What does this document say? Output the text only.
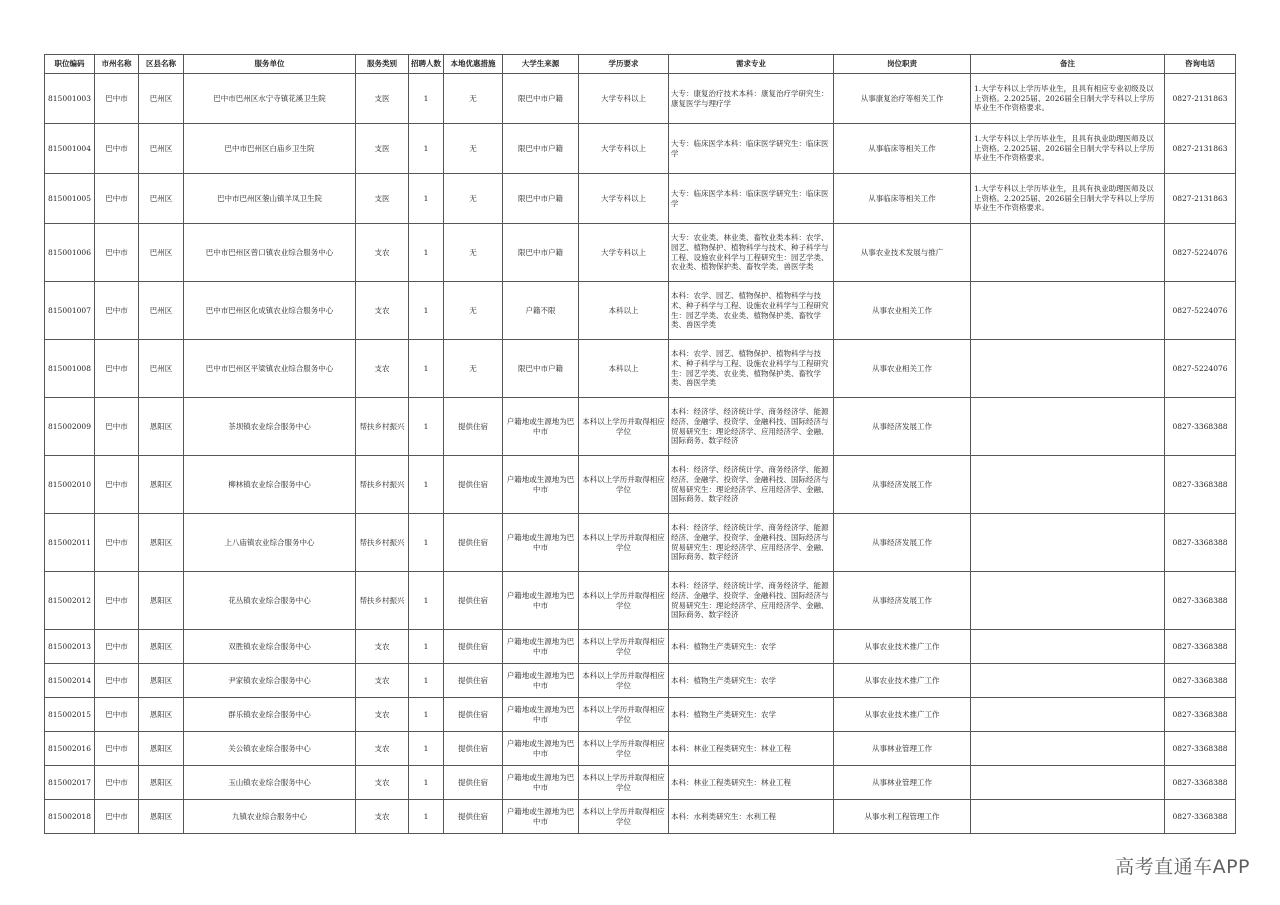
职位编码	市州名称	区县名称	服务单位	服务类别	招聘人数	本地优惠措施	大学生来源	学历要求	需求专业	岗位职责	备注	咨询电话
815001003	巴中市	巴州区	巴中市巴州区水宁寺镇花溪卫生院	支医	1	无	限巴中市户籍	大学专科以上	大专：康复治疗技术本科：康复治疗学研究生：康复医学与理疗学	从事康复治疗等相关工作	1.大学专科以上学历毕业生，且具有相应专业初级及以上资格。2.2025届、2026届全日制大学专科以上学历毕业生不作资格要求。	0827-2131863
815001004	巴中市	巴州区	巴中市巴州区白庙乡卫生院	支医	1	无	限巴中市户籍	大学专科以上	大专：临床医学本科：临床医学研究生：临床医学	从事临床等相关工作	1.大学专科以上学历毕业生，且具有执业助理医师及以上资格。2.2025届、2026届全日制大学专科以上学历毕业生不作资格要求。	0827-2131863
815001005	巴中市	巴州区	巴中市巴州区蓥山镇羊凤卫生院	支医	1	无	限巴中市户籍	大学专科以上	大专：临床医学本科：临床医学研究生：临床医学	从事临床等相关工作	1.大学专科以上学历毕业生，且具有执业助理医师及以上资格。2.2025届、2026届全日制大学专科以上学历毕业生不作资格要求。	0827-2131863
815001006	巴中市	巴州区	巴中市巴州区曾口镇农业综合服务中心	支农	1	无	限巴中市户籍	大学专科以上	大专：农业类、林业类、畜牧业类本科：农学、园艺、植物保护、植物科学与技术、种子科学与工程、设施农业科学与工程研究生：园艺学类、农业类、植物保护类、畜牧学类、兽医学类	从事农业技术发展与推广		0827-5224076
815001007	巴中市	巴州区	巴中市巴州区化成镇农业综合服务中心	支农	1	无	户籍不限	本科以上	本科：农学、园艺、植物保护、植物科学与技术、种子科学与工程、设施农业科学与工程研究生：园艺学类、农业类、植物保护类、畜牧学类、兽医学类	从事农业相关工作		0827-5224076
815001008	巴中市	巴州区	巴中市巴州区平梁镇农业综合服务中心	支农	1	无	限巴中市户籍	本科以上	本科：农学、园艺、植物保护、植物科学与技术、种子科学与工程、设施农业科学与工程研究生：园艺学类、农业类、植物保护类、畜牧学类、兽医学类	从事农业相关工作		0827-5224076
815002009	巴中市	恩阳区	茶坝镇农业综合服务中心	帮扶乡村振兴	1	提供住宿	户籍地或生源地为巴中市	本科以上学历并取得相应学位	本科：经济学、经济统计学、商务经济学、能源经济、金融学、投资学、金融科技、国际经济与贸易研究生：理论经济学、应用经济学、金融、国际商务、数字经济	从事经济发展工作		0827-3368388
815002010	巴中市	恩阳区	柳林镇农业综合服务中心	帮扶乡村振兴	1	提供住宿	户籍地或生源地为巴中市	本科以上学历并取得相应学位	本科：经济学、经济统计学、商务经济学、能源经济、金融学、投资学、金融科技、国际经济与贸易研究生：理论经济学、应用经济学、金融、国际商务、数字经济	从事经济发展工作		0827-3368388
815002011	巴中市	恩阳区	上八庙镇农业综合服务中心	帮扶乡村振兴	1	提供住宿	户籍地或生源地为巴中市	本科以上学历并取得相应学位	本科：经济学、经济统计学、商务经济学、能源经济、金融学、投资学、金融科技、国际经济与贸易研究生：理论经济学、应用经济学、金融、国际商务、数字经济	从事经济发展工作		0827-3368388
815002012	巴中市	恩阳区	花丛镇农业综合服务中心	帮扶乡村振兴	1	提供住宿	户籍地或生源地为巴中市	本科以上学历并取得相应学位	本科：经济学、经济统计学、商务经济学、能源经济、金融学、投资学、金融科技、国际经济与贸易研究生：理论经济学、应用经济学、金融、国际商务、数字经济	从事经济发展工作		0827-3368388
815002013	巴中市	恩阳区	双胜镇农业综合服务中心	支农	1	提供住宿	户籍地或生源地为巴中市	本科以上学历并取得相应学位	本科：植物生产类研究生：农学	从事农业技术推广工作		0827-3368388
815002014	巴中市	恩阳区	尹家镇农业综合服务中心	支农	1	提供住宿	户籍地或生源地为巴中市	本科以上学历并取得相应学位	本科：植物生产类研究生：农学	从事农业技术推广工作		0827-3368388
815002015	巴中市	恩阳区	群乐镇农业综合服务中心	支农	1	提供住宿	户籍地或生源地为巴中市	本科以上学历并取得相应学位	本科：植物生产类研究生：农学	从事农业技术推广工作		0827-3368388
815002016	巴中市	恩阳区	关公镇农业综合服务中心	支农	1	提供住宿	户籍地或生源地为巴中市	本科以上学历并取得相应学位	本科：林业工程类研究生：林业工程	从事林业管理工作		0827-3368388
815002017	巴中市	恩阳区	玉山镇农业综合服务中心	支农	1	提供住宿	户籍地或生源地为巴中市	本科以上学历并取得相应学位	本科：林业工程类研究生：林业工程	从事林业管理工作		0827-3368388
815002018	巴中市	恩阳区	九镇农业综合服务中心	支农	1	提供住宿	户籍地或生源地为巴中市	本科以上学历并取得相应学位	本科：水利类研究生：水利工程	从事水利工程管理工作		0827-3368388
高考直通车APP
